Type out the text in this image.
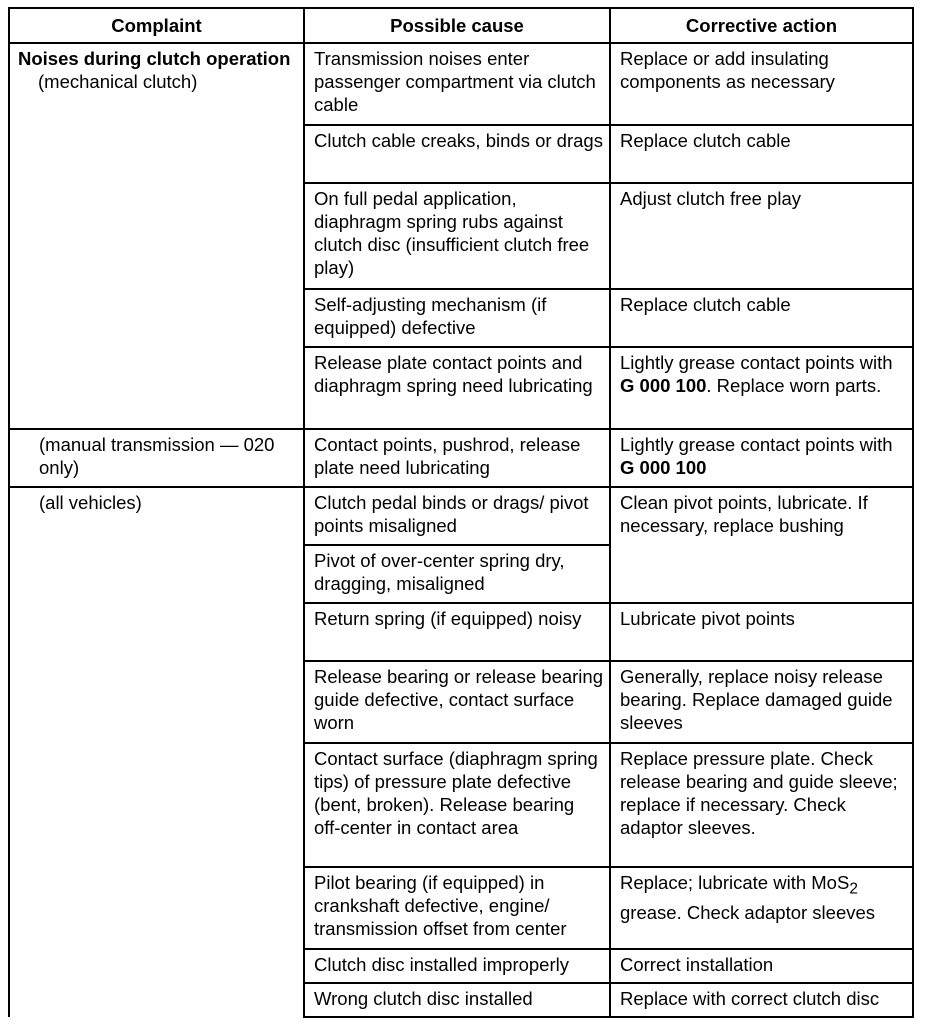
Complaint	Possible cause	Corrective action
Noises during clutch operation
(mechanical clutch)	Transmission noises enter passenger compartment via clutch cable	Replace or add insulating components as necessary
	Clutch cable creaks, binds or drags	Replace clutch cable
	On full pedal application, diaphragm spring rubs against clutch disc (insufficient clutch free play)	Adjust clutch free play
	Self-adjusting mechanism (if equipped) defective	Replace clutch cable
	Release plate contact points and diaphragm spring need lubricating	Lightly grease contact points with G 000 100. Replace worn parts.

(manual transmission — 020 only)	Contact points, pushrod, release plate need lubricating	Lightly grease contact points with G 000 100

(all vehicles)	Clutch pedal binds or drags/ pivot points misaligned	Clean pivot points, lubricate. If necessary, replace bushing
	Pivot of over-center spring dry, dragging, misaligned	
	Return spring (if equipped) noisy	Lubricate pivot points
	Release bearing or release bearing guide defective, contact surface worn	Generally, replace noisy release bearing. Replace damaged guide sleeves
	Contact surface (diaphragm spring tips) of pressure plate defective (bent, broken). Release bearing off-center in contact area	Replace pressure plate. Check release bearing and guide sleeve; replace if necessary. Check adaptor sleeves.
	Pilot bearing (if equipped) in crankshaft defective, engine/ transmission offset from center	Replace; lubricate with MoS$_2$ grease. Check adaptor sleeves
	Clutch disc installed improperly	Correct installation
	Wrong clutch disc installed	Replace with correct clutch disc
